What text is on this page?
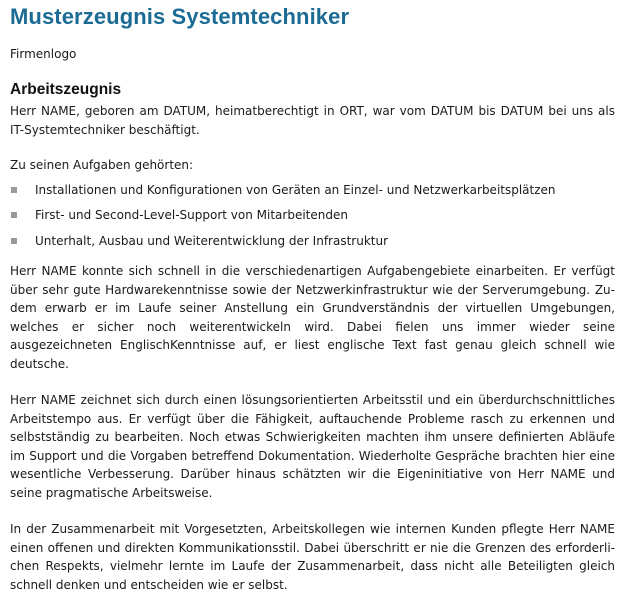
Musterzeugnis Systemtechniker
Firmenlogo
Arbeitszeugnis

Herr NAME, geboren am DATUM, heimatberechtigt in ORT, war vom DATUM bis DATUM bei uns als IT-Systemtechniker beschäftigt.

Zu seinen Aufgaben gehörten:

Installationen und Konfigurationen von Geräten an Einzel- und Netzwerkarbeitsplätzen
First- und Second-Level-Support von Mitarbeitenden
Unterhalt, Ausbau und Weiterentwicklung der Infrastruktur

Herr NAME konnte sich schnell in die verschiedenartigen Aufgabengebiete einarbeiten. Er verfügt über sehr gute Hardwarekenntnisse sowie der Netzwerkinfrastruktur wie der Serverumgebung. Zudem erwarb er im Laufe seiner Anstellung ein Grundverständnis der virtuellen Umgebungen, welches er sicher noch weiterentwickeln wird. Dabei fielen uns immer wieder seine ausgezeichneten EnglischKenntnisse auf, er liest englische Text fast genau gleich schnell wie deutsche.

Herr NAME zeichnet sich durch einen lösungsorientierten Arbeitsstil und ein überdurchschnittliches Arbeitstempo aus. Er verfügt über die Fähigkeit, auftauchende Probleme rasch zu erkennen und selbstständig zu bearbeiten. Noch etwas Schwierigkeiten machten ihm unsere definierten Abläufe im Support und die Vorgaben betreffend Dokumentation. Wiederholte Gespräche brachten hier eine wesentliche Verbesserung. Darüber hinaus schätzten wir die Eigeninitiative von Herr NAME und seine pragmatische Arbeitsweise.

In der Zusammenarbeit mit Vorgesetzten, Arbeitskollegen wie internen Kunden pflegte Herr NAME einen offenen und direkten Kommunikationsstil. Dabei überschritt er nie die Grenzen des erforderlichen Respekts, vielmehr lernte im Laufe der Zusammenarbeit, dass nicht alle Beteiligten gleich schnell denken und entscheiden wie er selbst.
